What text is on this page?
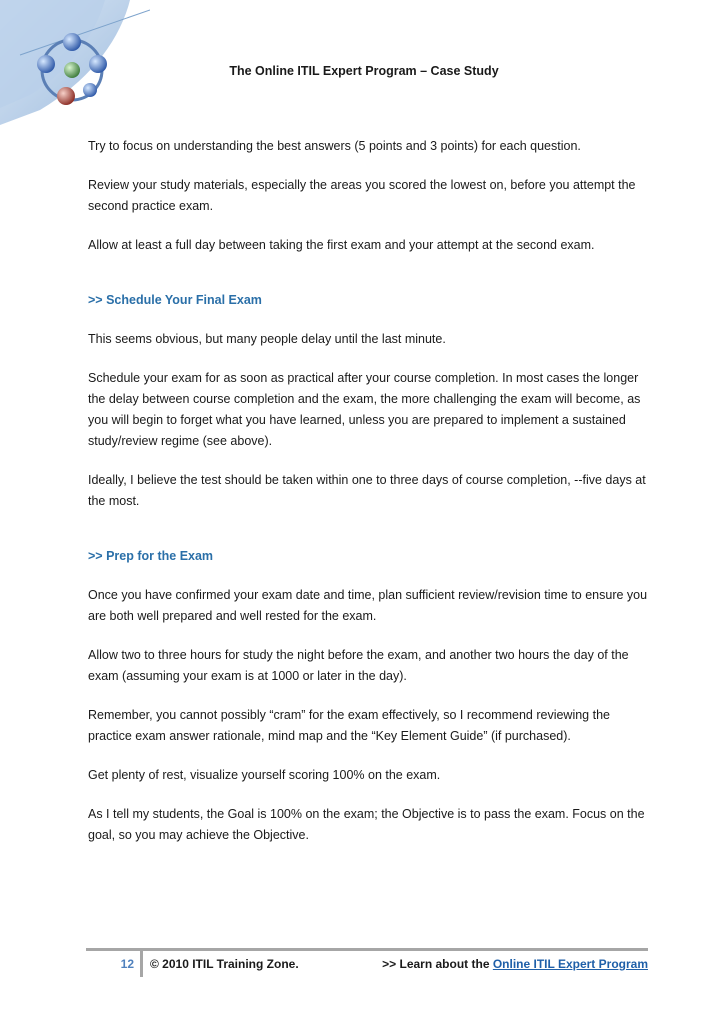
The Online ITIL Expert Program – Case Study

Try to focus on understanding the best answers (5 points and 3 points) for each question.

Review your study materials, especially the areas you scored the lowest on, before you attempt the second practice exam.

Allow at least a full day between taking the first exam and your attempt at the second exam.

>> Schedule Your Final Exam

This seems obvious, but many people delay until the last minute.

Schedule your exam for as soon as practical after your course completion. In most cases the longer the delay between course completion and the exam, the more challenging the exam will become, as you will begin to forget what you have learned, unless you are prepared to implement a sustained study/review regime (see above).

Ideally, I believe the test should be taken within one to three days of course completion, --five days at the most.

>> Prep for the Exam

Once you have confirmed your exam date and time, plan sufficient review/revision time to ensure you are both well prepared and well rested for the exam.

Allow two to three hours for study the night before the exam, and another two hours the day of the exam (assuming your exam is at 1000 or later in the day).

Remember, you cannot possibly “cram” for the exam effectively, so I recommend reviewing the practice exam answer rationale, mind map and the “Key Element Guide” (if purchased).

Get plenty of rest, visualize yourself scoring 100% on the exam.

As I tell my students, the Goal is 100% on the exam; the Objective is to pass the exam. Focus on the goal, so you may achieve the Objective.

12	© 2010 ITIL Training Zone.	>> Learn about the Online ITIL Expert Program
